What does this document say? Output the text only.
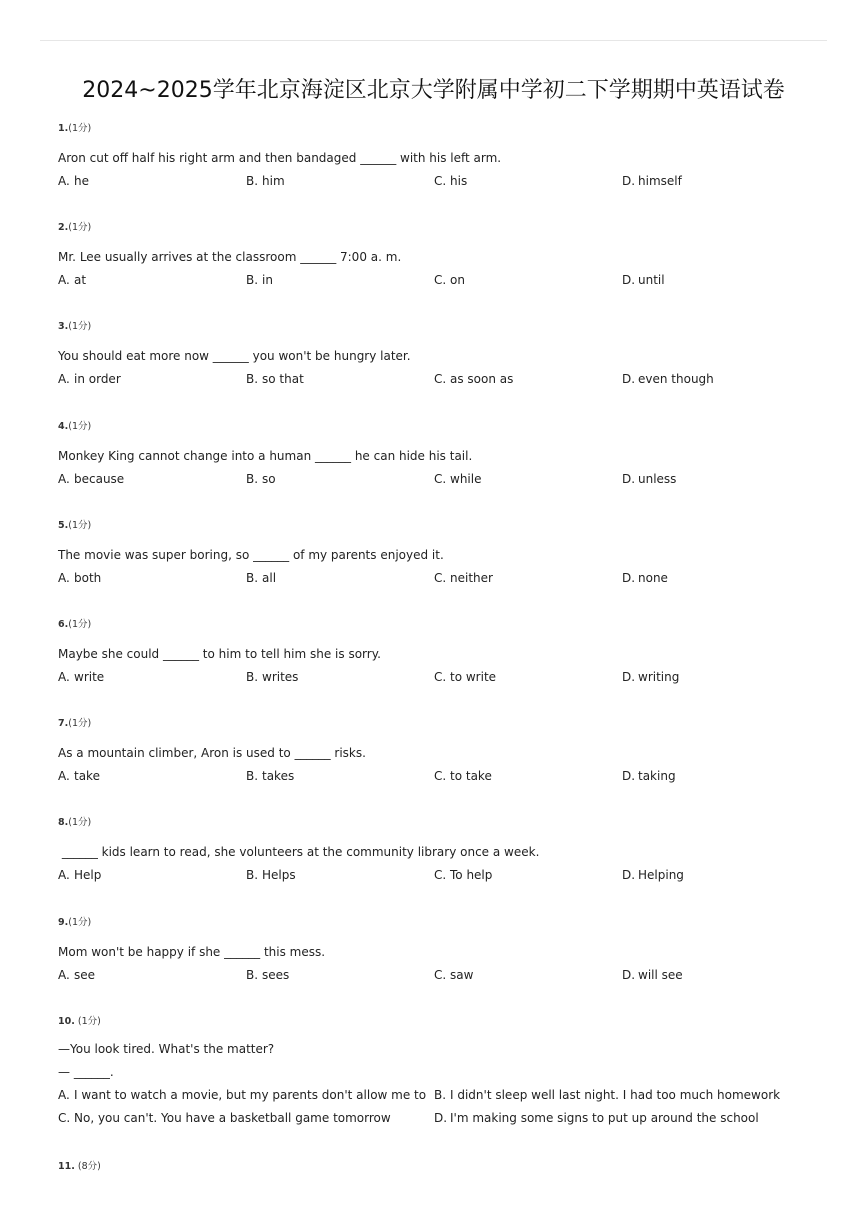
2024~2025学年北京海淀区北京大学附属中学初二下学期期中英语试卷
1.(1分)
Aron cut off half his right arm and then bandaged ______ with his left arm.
A. he	B. him	C. his	D. himself
2.(1分)
Mr. Lee usually arrives at the classroom ______ 7:00 a. m.
A. at	B. in	C. on	D. until
3.(1分)
You should eat more now ______ you won't be hungry later.
A. in order	B. so that	C. as soon as	D. even though
4.(1分)
Monkey King cannot change into a human ______ he can hide his tail.
A. because	B. so	C. while	D. unless
5.(1分)
The movie was super boring, so ______ of my parents enjoyed it.
A. both	B. all	C. neither	D. none
6.(1分)
Maybe she could ______ to him to tell him she is sorry.
A. write	B. writes	C. to write	D. writing
7.(1分)
As a mountain climber, Aron is used to ______ risks.
A. take	B. takes	C. to take	D. taking
8.(1分)
______ kids learn to read, she volunteers at the community library once a week.
A. Help	B. Helps	C. To help	D. Helping
9.(1分)
Mom won't be happy if she ______ this mess.
A. see	B. sees	C. saw	D. will see
10. (1分)
—You look tired. What's the matter?
— ______.
A. I want to watch a movie, but my parents don't allow me to B. I didn't sleep well last night. I had too much homework
C. No, you can't. You have a basketball game tomorrow	D. I'm making some signs to put up around the school
11. (8分)
